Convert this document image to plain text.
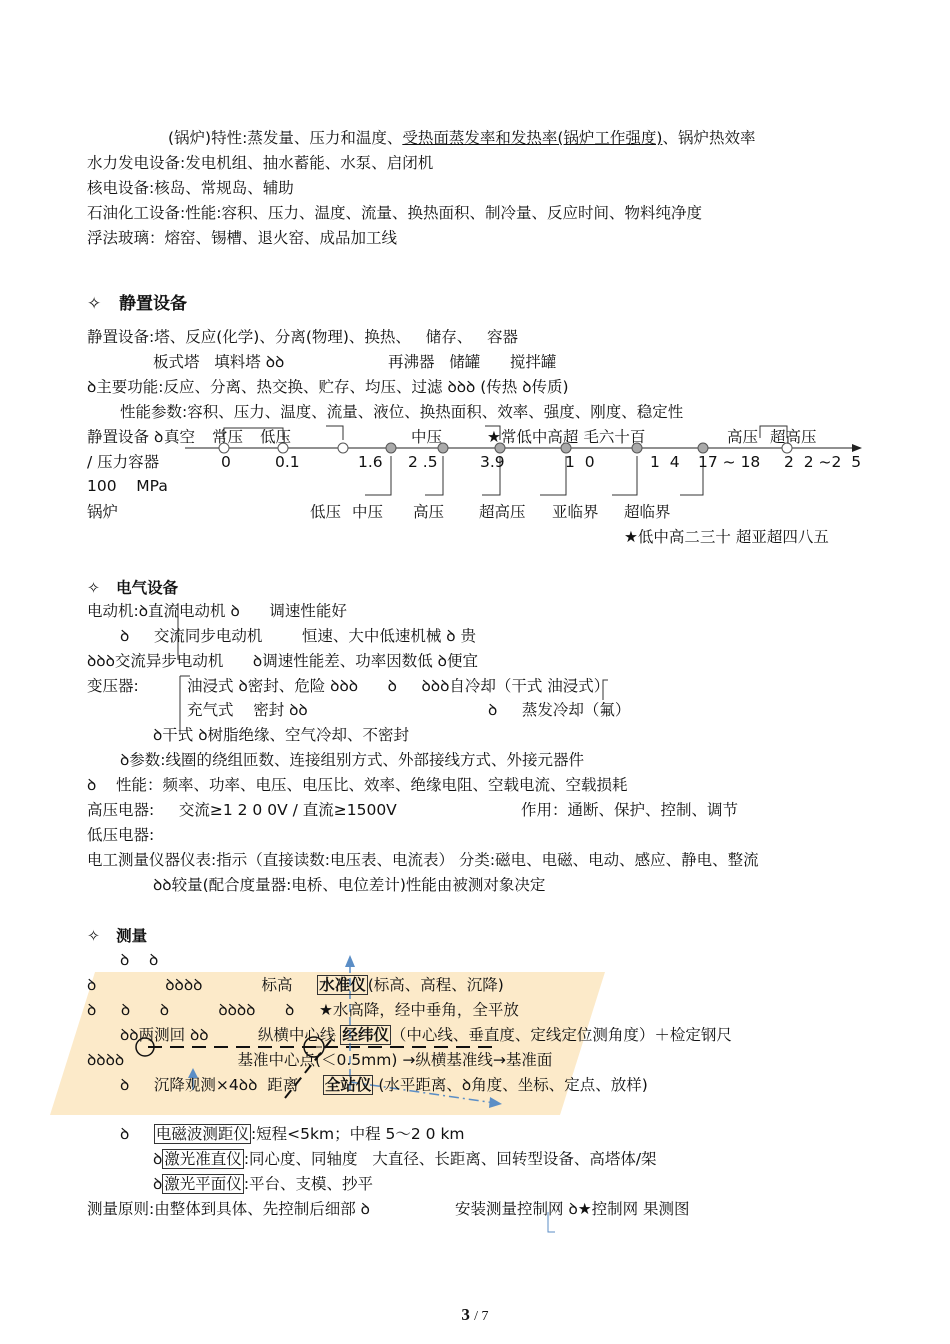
(锅炉)特性:蒸发量、压力和温度、受热面蒸发率和发热率(锅炉工作强度)、锅炉热效率
水力发电设备:发电机组、抽水蓄能、水泵、启闭机
核电设备:核岛、常规岛、辅助
石油化工设备:性能:容积、压力、温度、流量、换热面积、制冷量、反应时间、物料纯净度
浮法玻璃：熔窑、锡槽、退火窑、成品加工线
✧   静置设备
静置设备:塔、反应(化学)、分离(物理)、换热、   储存、   容器
板式塔   填料塔 ꝺꝺ	再沸器   储罐      搅拌罐
ꝺ主要功能:反应、分离、热交换、贮存、均压、过滤 ꝺꝺꝺ (传热 ꝺ传质)
性能参数:容积、压力、温度、流量、液位、换热面积、效率、强度、刚度、稳定性
静置设备 ꝺ 真空 常压 低压	中压	★常低中高超 毛六十百	高压 超高压
/ 压力容器	0	0.1	1.6 2 .5	3.9	1  0	1  4 17 ~ 18 2  2 ~2  5
100    MPa
锅炉	低压 中压 高压 超高压 亚临界 超临界
★低中高二三十 超亚超四八五
✧   电气设备
电动机:ꝺ直流电动机 ꝺ      调速性能好
ꝺ     交流同步电动机	恒速、大中低速机械 ꝺ 贵
ꝺꝺꝺ交流异步电动机      ꝺ调速性能差、功率因数低 ꝺ便宜
变压器:	油浸式 ꝺ密封、危险 ꝺꝺꝺ      ꝺ     ꝺꝺꝺ自冷却（干式 油浸式）
充气式    密封 ꝺꝺ	ꝺ     蒸发冷却（氟）
ꝺ干式 ꝺ树脂绝缘、空气冷却、不密封
ꝺ参数:线圈的绕组匝数、连接组别方式、外部接线方式、外接元器件
ꝺ    性能：频率、功率、电压、电压比、效率、绝缘电阻、空载电流、空载损耗
高压电器:     交流≥1 2 0 0V / 直流≥1500V	作用：通断、保护、控制、调节
低压电器:
电工测量仪器仪表:指示（直接读数:电压表、电流表） 分类:磁电、电磁、电动、感应、静电、整流
ꝺꝺ较量(配合度量器:电桥、电位差计)性能由被测对象决定
✧   测量
ꝺ    ꝺ
ꝺ              ꝺꝺꝺꝺ            标高 水准仪 (标高、高程、沉降)
ꝺ     ꝺ      ꝺ          ꝺꝺꝺꝺ      ꝺ     ★水高降，经中垂角，全平放
ꝺꝺ两测回 ꝺꝺ          纵横中心线 经纬仪 （中心线、垂直度、定线定位测角度）＋检定钢尺
ꝺꝺꝺꝺ                       基准中心点(＜0.5mm) →纵横基准线→基准面
ꝺ     沉降观测×4ꝺꝺ  距离 全站仪 (水平距离、ꝺ角度、坐标、定点、放样)
ꝺ     电磁波测距仪 :短程<5km；中程 5～2 0 km
ꝺ 激光准直仪 :同心度、同轴度   大直径、长距离、回转型设备、高塔体/架
ꝺ 激光平面仪 :平台、支模、抄平
测量原则:由整体到具体、先控制后细部 ꝺ	安装测量控制网 ꝺ★控制网 果测图
3 / 7
